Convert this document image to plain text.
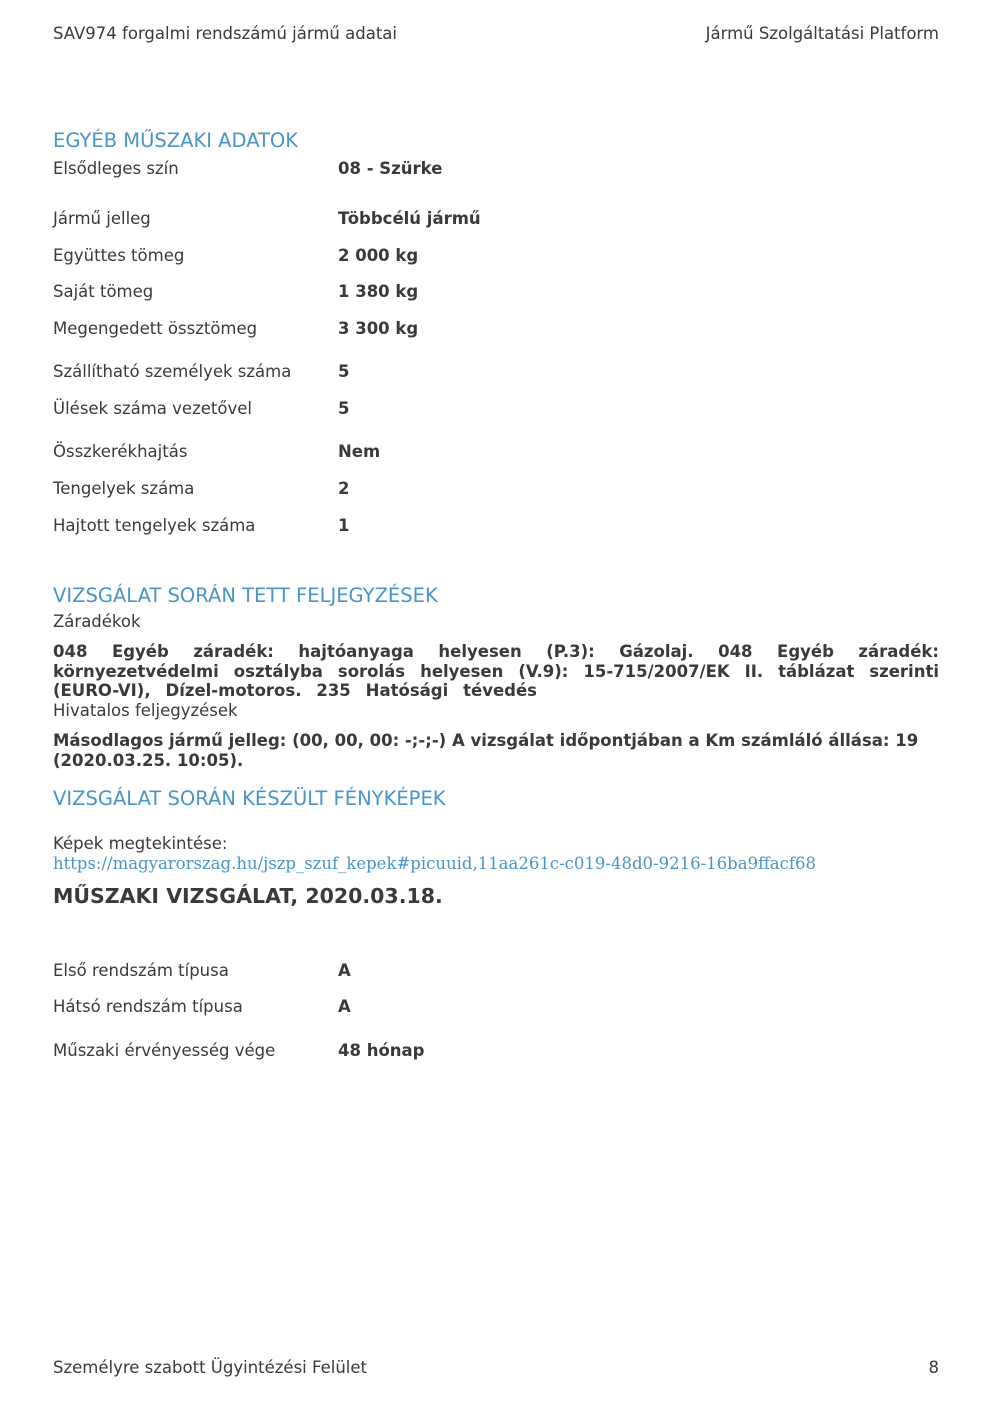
SAV974 forgalmi rendszámú jármű adatai	Jármű Szolgáltatási Platform
EGYÉB MŰSZAKI ADATOK
Elsődleges szín	08 - Szürke
Jármű jelleg	Többcélú jármű
Együttes tömeg	2 000 kg
Saját tömeg	1 380 kg
Megengedett össztömeg	3 300 kg
Szállítható személyek száma	5
Ülések száma vezetővel	5
Összkerékhajtás	Nem
Tengelyek száma	2
Hajtott tengelyek száma	1
VIZSGÁLAT SORÁN TETT FELJEGYZÉSEK
Záradékok
048 Egyéb záradék: hajtóanyaga helyesen (P.3): Gázolaj. 048 Egyéb záradék:
környezetvédelmi osztályba sorolás helyesen (V.9): 15-715/2007/EK II. táblázat szerinti
(EURO-VI), Dízel-motoros. 235 Hatósági tévedés
Hivatalos feljegyzések
Másodlagos jármű jelleg: (00, 00, 00: -;-;-) A vizsgálat időpontjában a Km számláló állása: 19 (2020.03.25. 10:05).
VIZSGÁLAT SORÁN KÉSZÜLT FÉNYKÉPEK
Képek megtekintése:
https://magyarorszag.hu/jszp_szuf_kepek#picuuid,11aa261c-c019-48d0-9216-16ba9ffacf68
MŰSZAKI VIZSGÁLAT, 2020.03.18.
Első rendszám típusa	A
Hátsó rendszám típusa	A
Műszaki érvényesség vége	48 hónap
Személyre szabott Ügyintézési Felület	8
